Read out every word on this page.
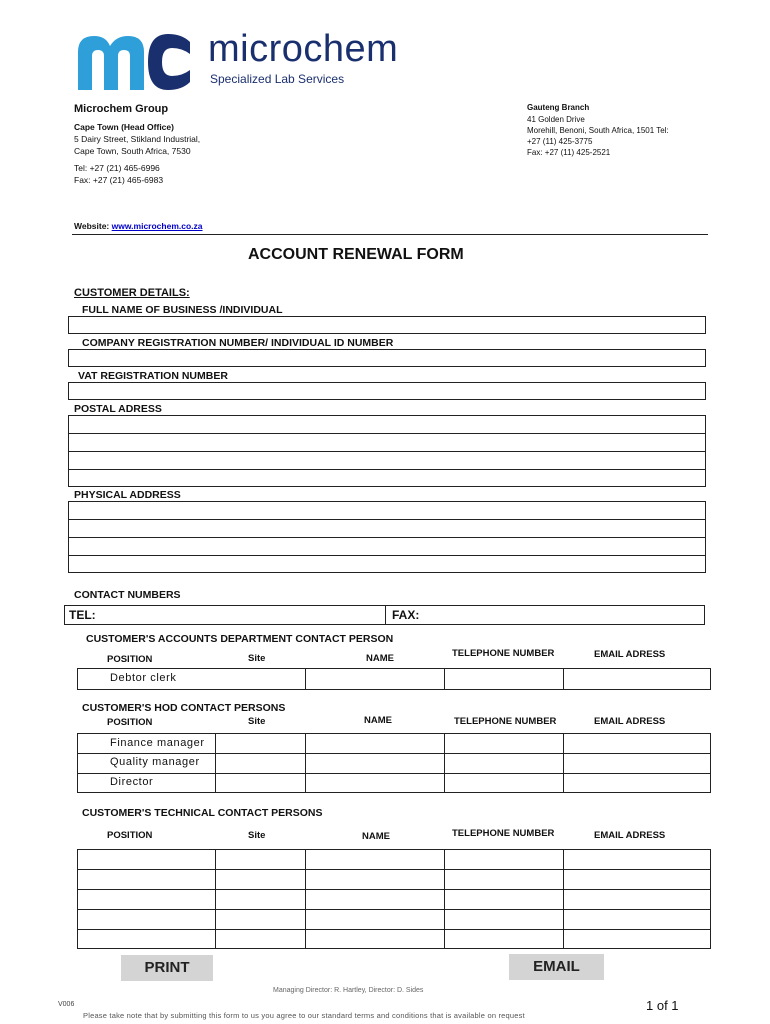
microchem
Specialized Lab Services
Microchem Group
Cape Town (Head Office)
5 Dairy Street, Stikland Industrial,
Cape Town, South Africa, 7530
Tel: +27 (21) 465-6996
Fax: +27 (21) 465-6983
Gauteng Branch
41 Golden Drive
Morehill, Benoni, South Africa, 1501 Tel:
+27 (11) 425-3775
Fax: +27 (11) 425-2521
Website: www.microchem.co.za
ACCOUNT RENEWAL FORM
CUSTOMER DETAILS:
FULL NAME OF BUSINESS /INDIVIDUAL
COMPANY REGISTRATION NUMBER/ INDIVIDUAL ID NUMBER
VAT REGISTRATION NUMBER
POSTAL ADRESS
PHYSICAL ADDRESS
CONTACT NUMBERS
TEL:	FAX:
CUSTOMER'S ACCOUNTS DEPARTMENT CONTACT PERSON
POSITION	Site	NAME	TELEPHONE NUMBER	EMAIL ADRESS
Debtor clerk
CUSTOMER'S HOD CONTACT PERSONS
POSITION	Site	NAME	TELEPHONE NUMBER	EMAIL ADRESS
Finance manager
Quality manager
Director
CUSTOMER'S TECHNICAL CONTACT PERSONS
POSITION	Site	NAME	TELEPHONE NUMBER	EMAIL ADRESS
PRINT	EMAIL
Managing Director: R. Hartley, Director: D. Sides
V006	1 of 1
Please take note that by submitting this form to us you agree to our standard terms and conditions that is available on request
